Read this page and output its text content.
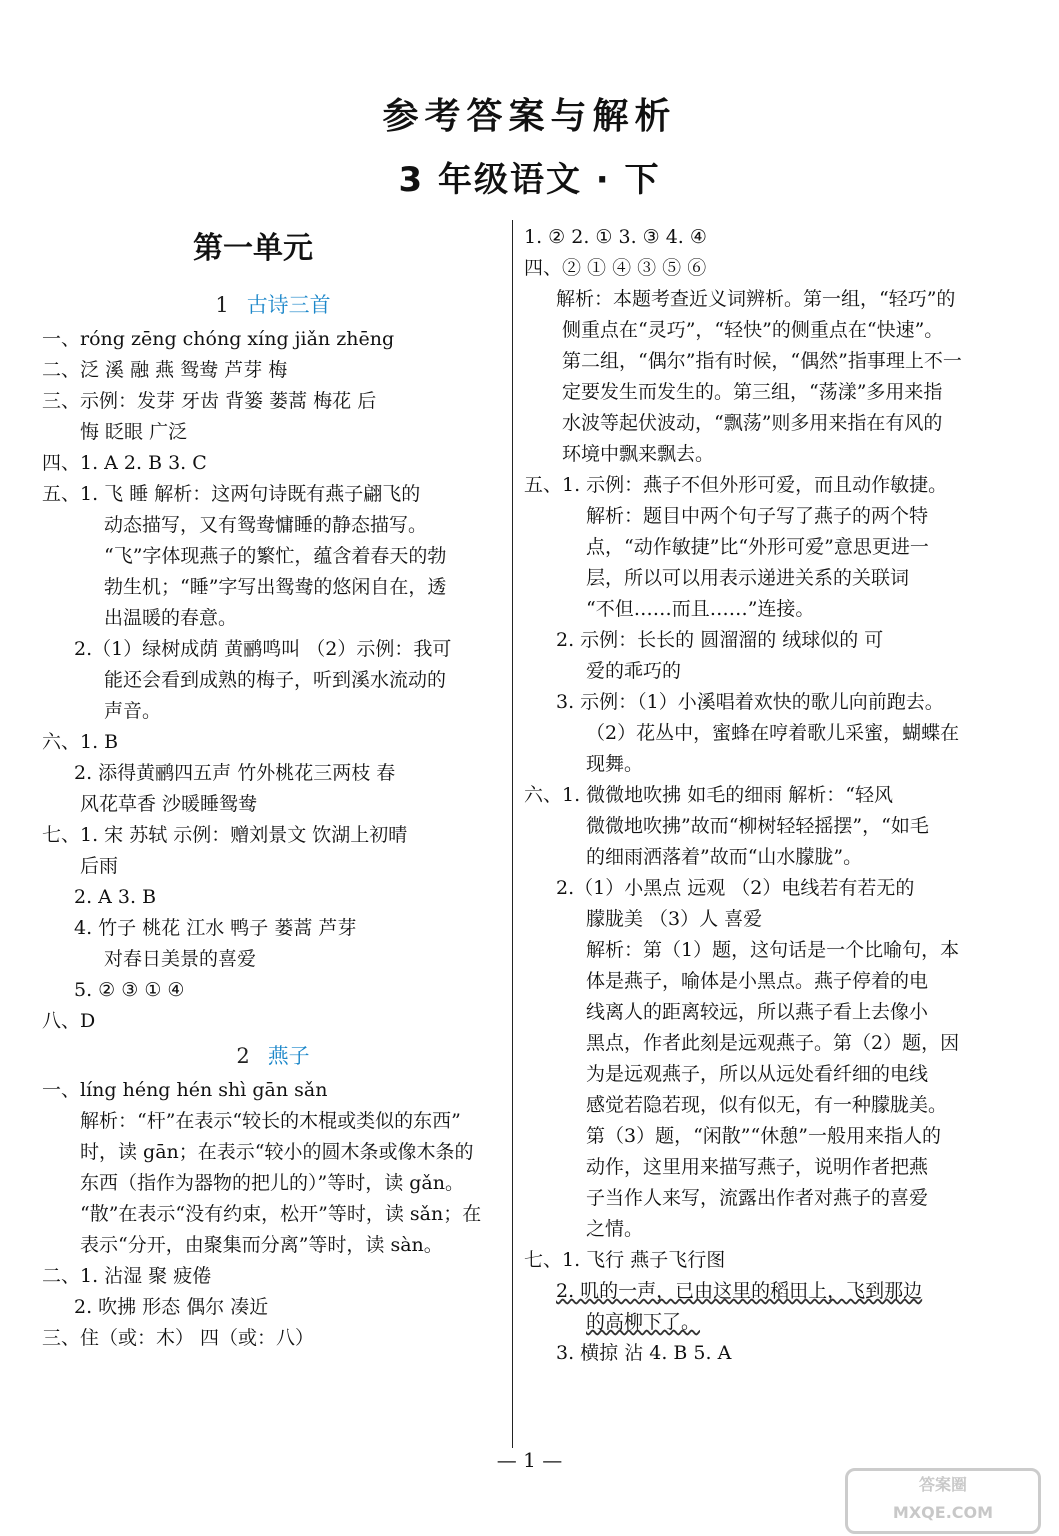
参考答案与解析
3 年级语文 · 下
第一单元
1 古诗三首
一、róng zēng chóng xíng jiǎn zhēng
二、泛 溪 融 燕 鸳鸯 芦芽 梅
三、示例：发芽 牙齿 背篓 蒌蒿 梅花 后
悔 眨眼 广泛
四、1. A 2. B 3. C
五、1. 飞 睡 解析：这两句诗既有燕子翩飞的
动态描写，又有鸳鸯慵睡的静态描写。
“飞”字体现燕子的繁忙，蕴含着春天的勃
勃生机；“睡”字写出鸳鸯的悠闲自在，透
出温暖的春意。
2.（1）绿树成荫 黄鹂鸣叫 （2）示例：我可
能还会看到成熟的梅子，听到溪水流动的
声音。
六、1. B
2. 添得黄鹂四五声 竹外桃花三两枝 春
风花草香 沙暖睡鸳鸯
七、1. 宋 苏轼 示例：赠刘景文 饮湖上初晴
后雨
2. A 3. B
4. 竹子 桃花 江水 鸭子 蒌蒿 芦芽
对春日美景的喜爱
5. ② ③ ① ④
八、D
2 燕子
一、líng héng hén shì gān sǎn
解析：“杆”在表示“较长的木棍或类似的东西”
时，读 gān；在表示“较小的圆木条或像木条的
东西（指作为器物的把儿的）”等时，读 gǎn。
“散”在表示“没有约束，松开”等时，读 sǎn；在
表示“分开，由聚集而分离”等时，读 sàn。
二、1. 沾湿 聚 疲倦
2. 吹拂 形态 偶尔 凑近
三、住（或：木） 四（或：八）
1. ② 2. ① 3. ③ 4. ④
四、② ① ④ ③ ⑤ ⑥
解析：本题考查近义词辨析。第一组，“轻巧”的
侧重点在“灵巧”，“轻快”的侧重点在“快速”。
第二组，“偶尔”指有时候，“偶然”指事理上不一
定要发生而发生的。第三组，“荡漾”多用来指
水波等起伏波动，“飘荡”则多用来指在有风的
环境中飘来飘去。
五、1. 示例：燕子不但外形可爱，而且动作敏捷。
解析：题目中两个句子写了燕子的两个特
点，“动作敏捷”比“外形可爱”意思更进一
层，所以可以用表示递进关系的关联词
“不但……而且……”连接。
2. 示例：长长的 圆溜溜的 绒球似的 可
爱的乖巧的
3. 示例：（1）小溪唱着欢快的歌儿向前跑去。
（2）花丛中，蜜蜂在哼着歌儿采蜜，蝴蝶在
现舞。
六、1. 微微地吹拂 如毛的细雨 解析：“轻风
微微地吹拂”故而“柳树轻轻摇摆”，“如毛
的细雨洒落着”故而“山水朦胧”。
2.（1）小黑点 远观 （2）电线若有若无的
朦胧美 （3）人 喜爱
解析：第（1）题，这句话是一个比喻句，本
体是燕子，喻体是小黑点。燕子停着的电
线离人的距离较远，所以燕子看上去像小
黑点，作者此刻是远观燕子。第（2）题，因
为是远观燕子，所以从远处看纤细的电线
感觉若隐若现，似有似无，有一种朦胧美。
第（3）题，“闲散”“休憩”一般用来指人的
动作，这里用来描写燕子，说明作者把燕
子当作人来写，流露出作者对燕子的喜爱
之情。
七、1. 飞行 燕子飞行图
2. 叽的一声，已由这里的稻田上，飞到那边
的高柳下了。
3. 横掠 沾 4. B 5. A
— 1 —
答案圈
MXQE.COM
